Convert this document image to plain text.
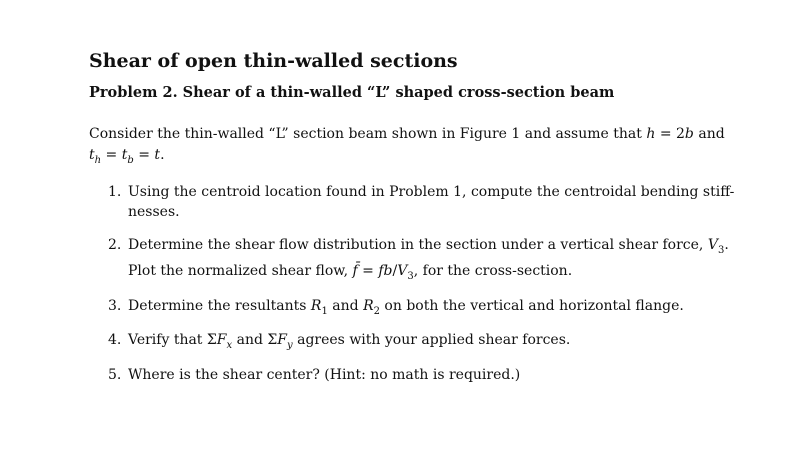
Shear of open thin-walled sections
Problem 2. Shear of a thin-walled “L” shaped cross-section beam

Consider the thin-walled “L” section beam shown in Figure 1 and assume that h = 2b and $t_h = t_b = t$.

1. Using the centroid location found in Problem 1, compute the centroidal bending stiff-
nesses.
2. Determine the shear flow distribution in the section under a vertical shear force, $V_3$.
Plot the normalized shear flow, f̄ = $fb/V_3$, for the cross-section.
3. Determine the resultants $R_1$ and $R_2$ on both the vertical and horizontal flange.
4. Verify that $\Sigma F_x$ and $\Sigma F_y$ agrees with your applied shear forces.
5. Where is the shear center? (Hint: no math is required.)
